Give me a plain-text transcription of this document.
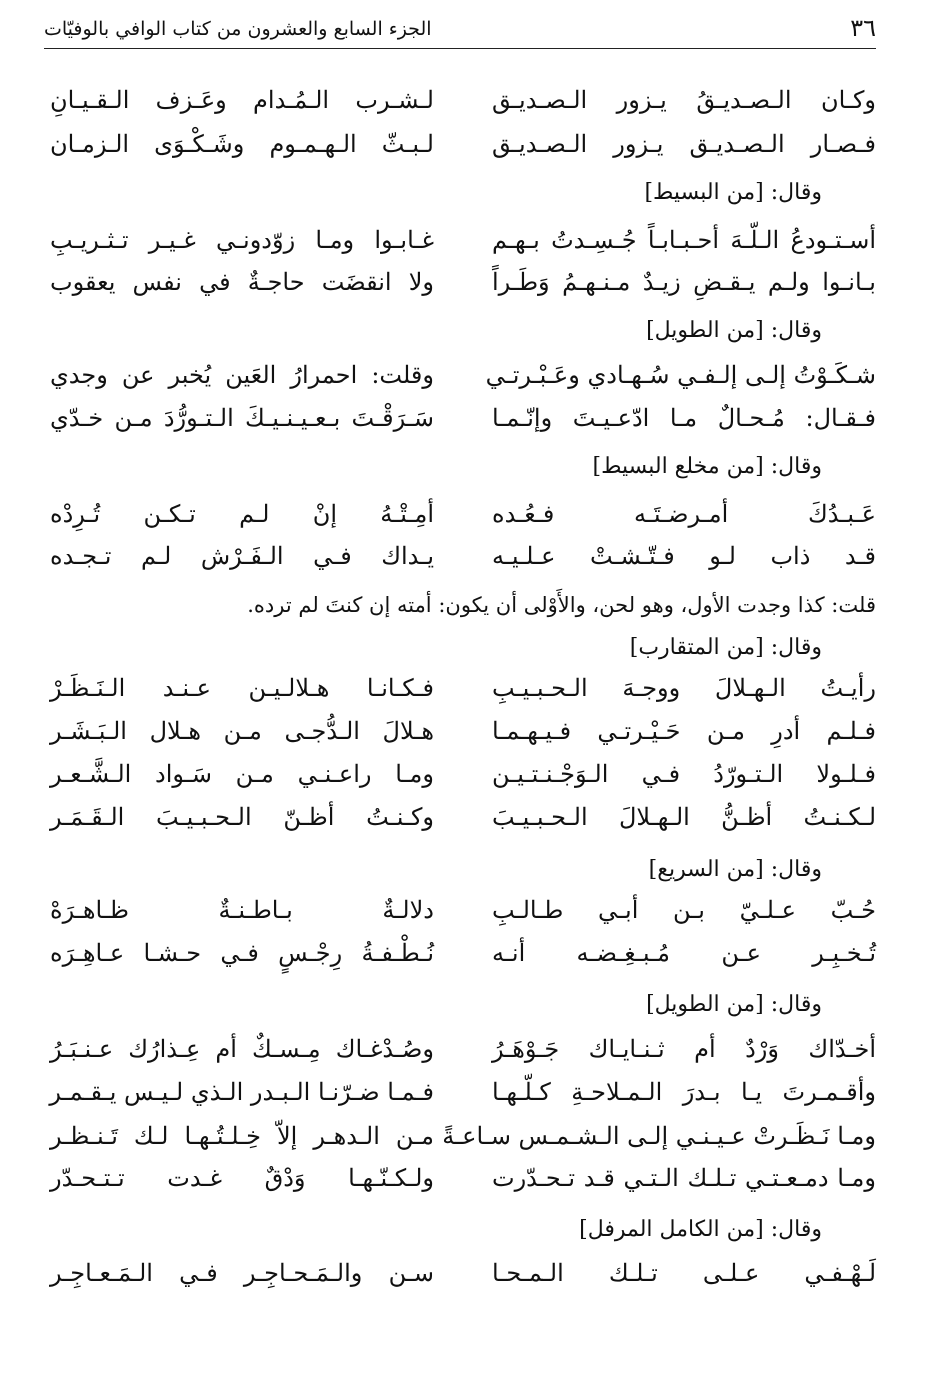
٣٦
الجزء السابع والعشرون من كتاب الوافي بالوفيّات
وكـان الـصـديـقُ يـزور الـصـديـق
لـشـرب الـمُـدام وعَـزف الـقـيـانِ
فـصـار الـصـديـق يـزور الـصـديـق
لـبـثّ الـهـمـوم وشَـكْـوَى الـزمـان
وقال: [من البسيط]
أسـتـودعُ الـلّـهَ أحـبـابـاً جُـسِـدتُ بـهـم
غـابـوا ومـا زوّدونـي غـيـر تـثـريـبِ
بـانـوا ولـم يـقـضِ زيـدٌ مـنـهـمُ وَطَـراً
ولا انقضَت حاجـةٌ في نفس يعقوب
وقال: [من الطويل]
شـكَـوْتُ إلـى إلـفـي سُـهـادي وعَـبْـرتـي
وقلت: احمرارُ العَين يُخبر عن وجدي
فـقـال: مُـحـالٌ مـا ادّعـيـتَ وإنّـمـا
سَـرَقْـتَ بـعـيـنـيـكَ الـتـورُّدَ مـن خـدّي
وقال: [من مخلع البسيط]
عَـبـدُكَ أمـرضـتَـه فـعُـده
أمِـتْـهُ إنْ لـم تـكـن تُـرِدْه
قـد ذاب لـو فـتّـشـتْ عـلـيـه
يـداك فـي الـفَـرْش لـم تـجـده
قلت: كذا وجدت الأول، وهو لحن، والأَوْلى أن يكون: أمته إن كنتَ لم ترده.
وقال: [من المتقارب]
رأيـتُ الـهـلالَ ووجـهَ الـحـبـيـبِ
فـكـانـا هـلالـيـن عـنـد الـنَـظَـرْ
فـلـم أدرِ مـن حَـيْـرتـي فـيـهـمـا
هـلالَ الـدُّجـى مـن هـلال الـبَـشَـر
فـلـولا الـتـورّدُ فـي الـوَجْـنـتـيـن
ومـا راعـنـي مـن سَـواد الـشَّـعـر
لـكـنـتُ أظـنُّ الـهـلالَ الـحـبـيـبَ
وكـنـتُ أظـنّ الـحـبـيـبَ الـقَـمَـر
وقال: [من السريع]
حُـبّ عـلـيّ بـن أبـي طـالـبِ
دلالـةٌ بـاطـنـةٌ ظـاهـرَهْ
تُـخـبِـر عـن مُـبـغِـضـه أنـه
نُـطْـفـةُ رِجْـسٍ فـي حـشـا عـاهِـرَه
وقال: [من الطويل]
أخـدّاك وَرْدٌ أم ثـنـايـاك جَـوْهَـرُ
وصُـدْغـاك مِـسـكٌ أم عِـذارُك عـنـبَـرُ
وأقـمـرتَ يـا بـدرَ الـمـلاحـةِ كـلّـهـا
فـمـا ضـرّنـا الـبـدر الـذي لـيـس يـقـمـر
ومـا نَـظَـرتْ عـيـنـي إلـى الـشـمـس سـاعـةً
مـن الـدهـر إلاّ خِـلـتُـهـا لـك تَـنـظـر
ومـا دمـعـتـي تـلـك الـتـي قـد تـحـدّرت
ولـكـنّـهـا وَدْقٌ غـدت تـتـحـدّر
وقال: [من الكامل المرفل]
لَـهْـفـي عـلـى تـلـك الـمـحـا
سـن والـمَـحـاجِـر فـي الـمَـعـاجِـر
